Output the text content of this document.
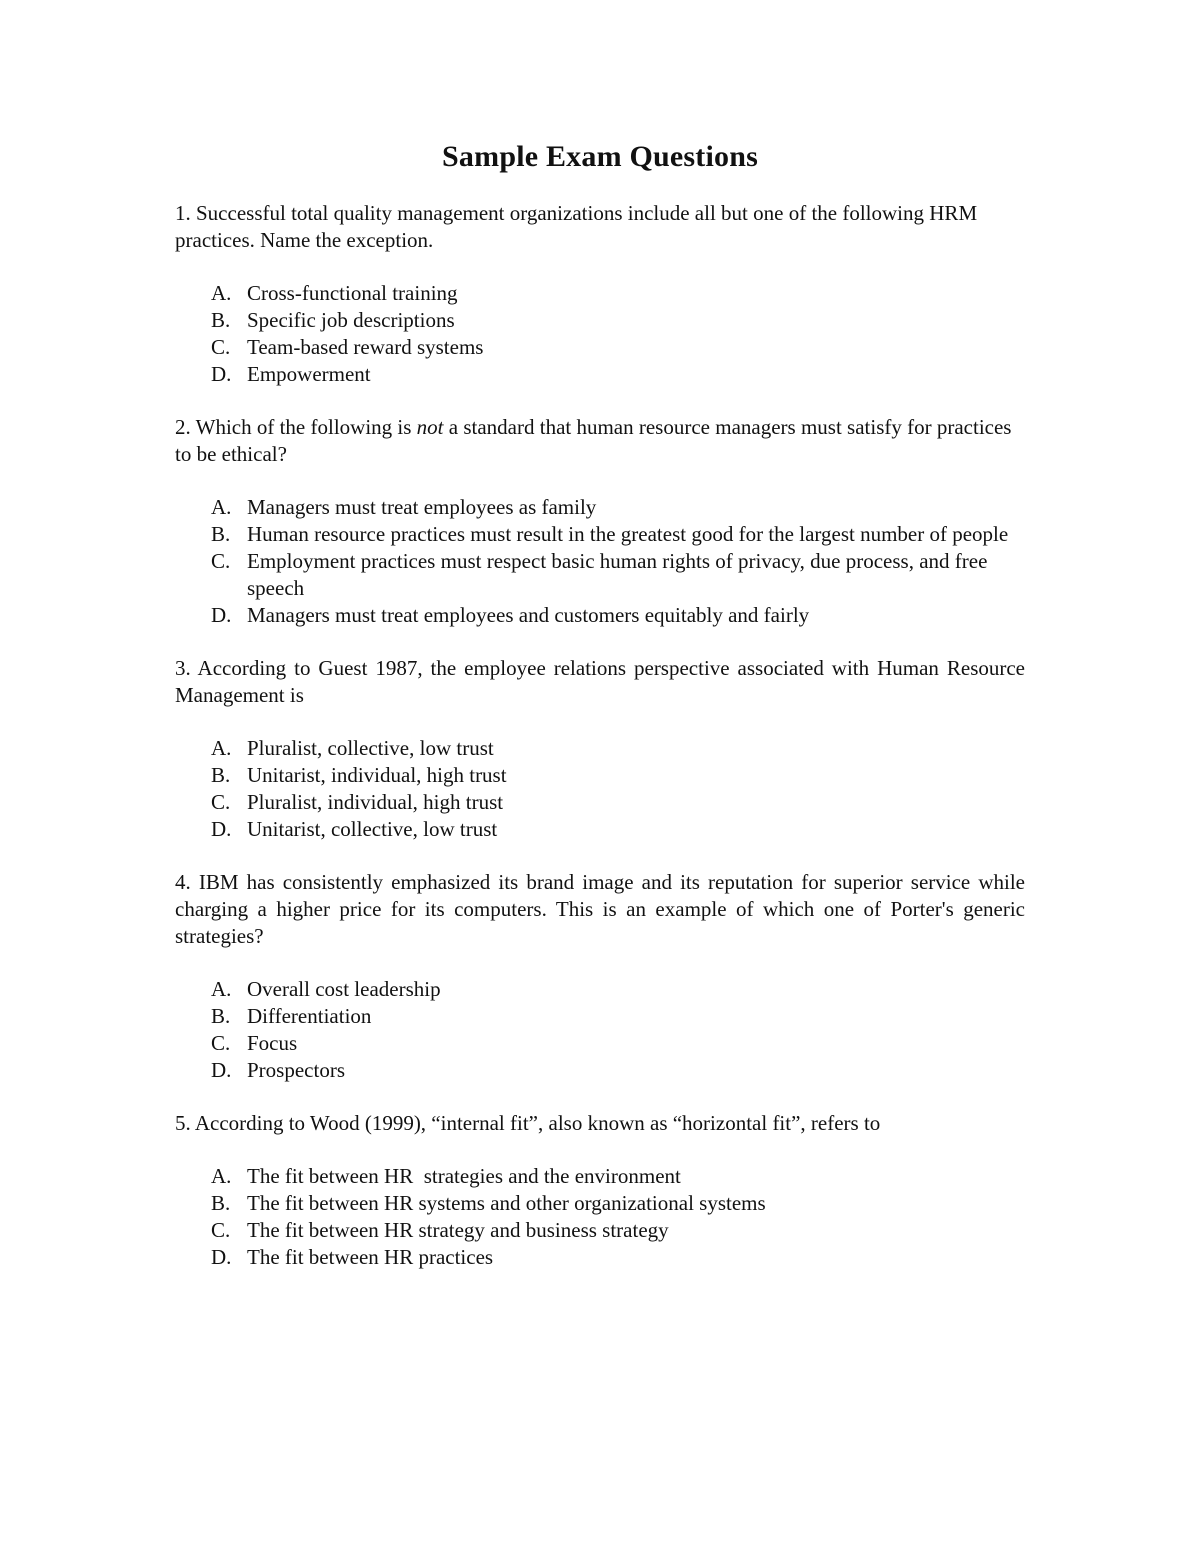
Sample Exam Questions

1. Successful total quality management organizations include all but one of the following HRM practices. Name the exception.

A. Cross-functional training
B. Specific job descriptions
C. Team-based reward systems
D. Empowerment

2. Which of the following is not a standard that human resource managers must satisfy for practices to be ethical?

A. Managers must treat employees as family
B. Human resource practices must result in the greatest good for the largest number of people
C. Employment practices must respect basic human rights of privacy, due process, and free speech
D. Managers must treat employees and customers equitably and fairly

3. According to Guest 1987, the employee relations perspective associated with Human Resource Management is

A. Pluralist, collective, low trust
B. Unitarist, individual, high trust
C. Pluralist, individual, high trust
D. Unitarist, collective, low trust

4. IBM has consistently emphasized its brand image and its reputation for superior service while charging a higher price for its computers. This is an example of which one of Porter's generic strategies?

A. Overall cost leadership
B. Differentiation
C. Focus
D. Prospectors

5. According to Wood (1999), “internal fit”, also known as “horizontal fit”, refers to

A. The fit between HR  strategies and the environment
B. The fit between HR systems and other organizational systems
C. The fit between HR strategy and business strategy
D. The fit between HR practices
